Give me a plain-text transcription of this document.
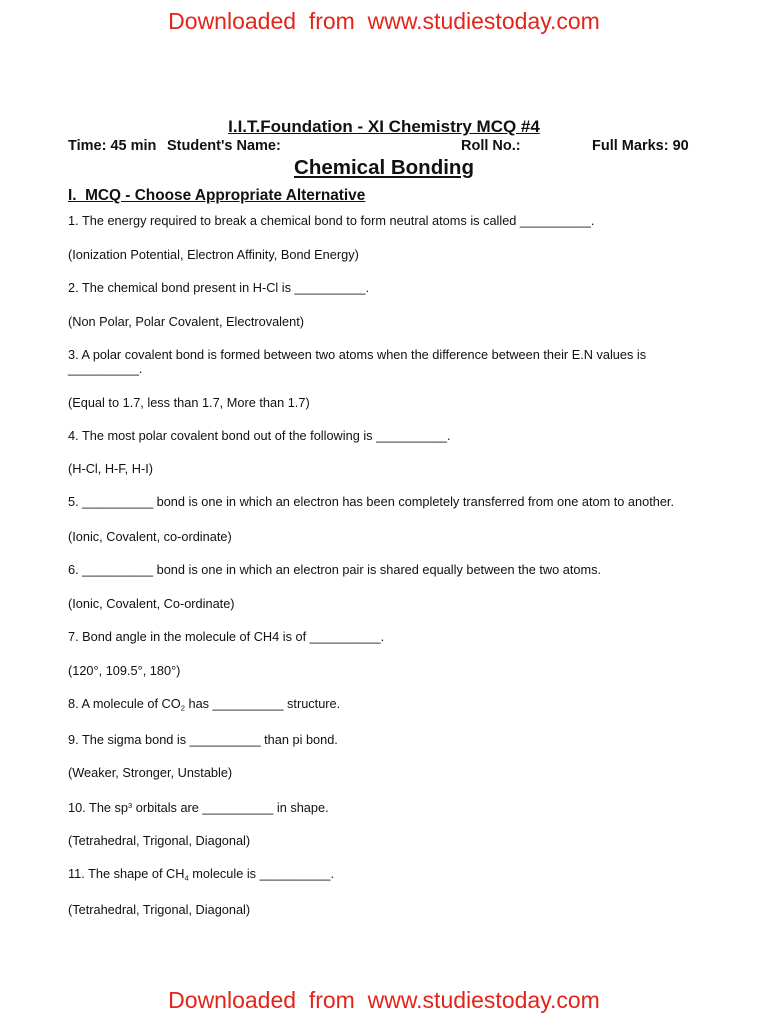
Downloaded  from  www.studiestoday.com
I.I.T.Foundation - XI Chemistry MCQ #4
Time: 45 min Student's Name:	Roll No.:	Full Marks: 90
Chemical Bonding
I.  MCQ - Choose Appropriate Alternative
1. The energy required to break a chemical bond to form neutral atoms is called __________.
(Ionization Potential, Electron Affinity, Bond Energy)
2. The chemical bond present in H-Cl is __________.
(Non Polar, Polar Covalent, Electrovalent)
3. A polar covalent bond is formed between two atoms when the difference between their E.N values is __________.
(Equal to 1.7, less than 1.7, More than 1.7)
4. The most polar covalent bond out of the following is __________.
(H-Cl, H-F, H-I)
5. __________ bond is one in which an electron has been completely transferred from one atom to another.
(Ionic, Covalent, co-ordinate)
6. __________ bond is one in which an electron pair is shared equally between the two atoms.
(Ionic, Covalent, Co-ordinate)
7. Bond angle in the molecule of CH4 is of __________.
(120°, 109.5°, 180°)
8. A molecule of $CO_2$ has __________ structure.
9. The sigma bond is __________ than pi bond.
(Weaker, Stronger, Unstable)
10. The $sp^3$ orbitals are __________ in shape.
(Tetrahedral, Trigonal, Diagonal)
11. The shape of $CH_4$ molecule is __________.
(Tetrahedral, Trigonal, Diagonal)
Downloaded  from  www.studiestoday.com
